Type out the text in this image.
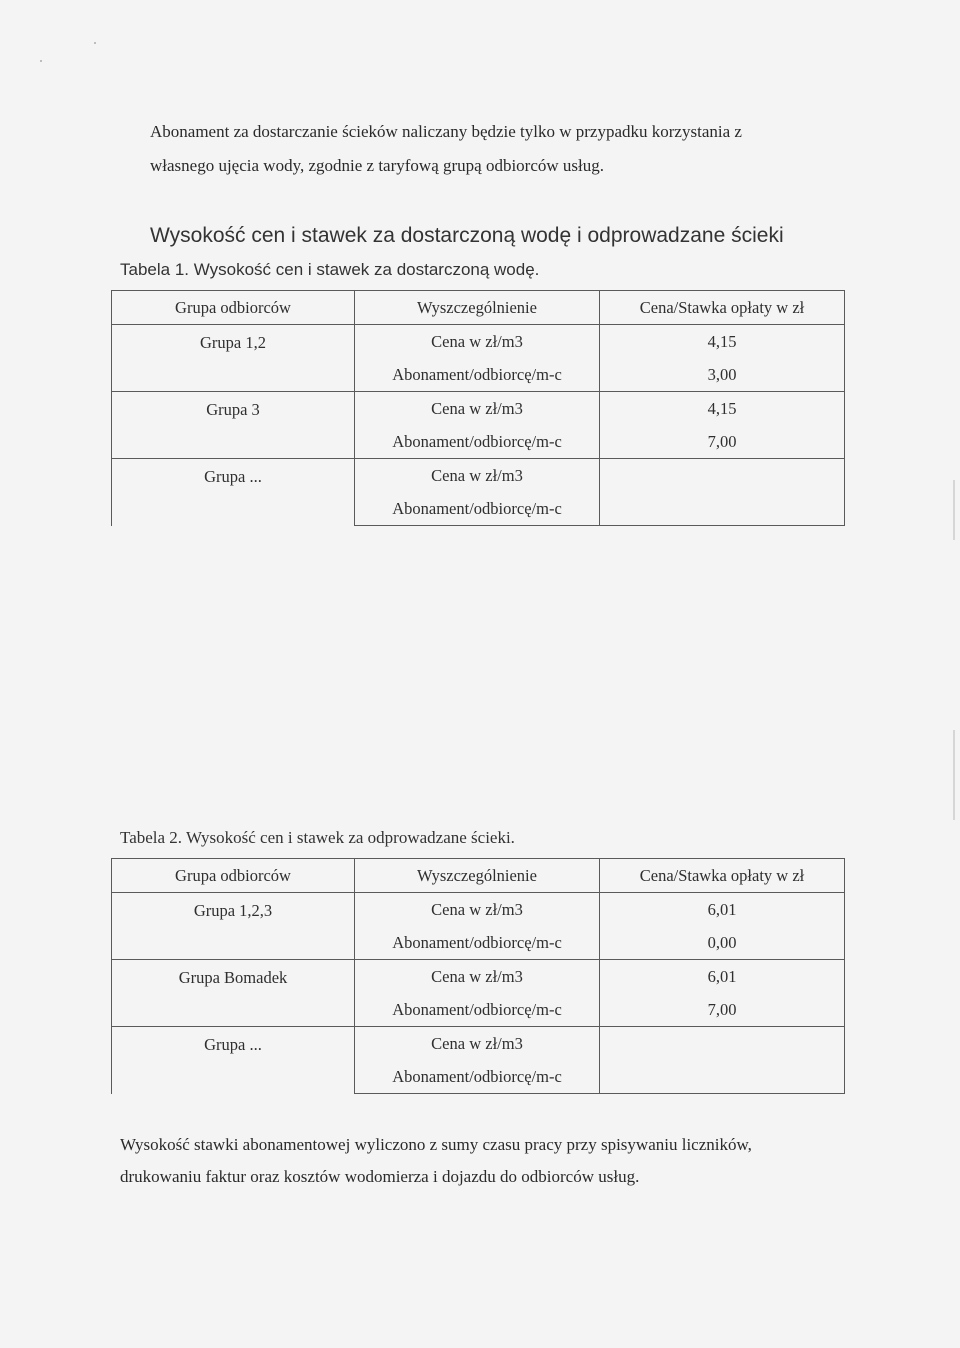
Abonament za dostarczanie ścieków naliczany będzie tylko w przypadku korzystania z
własnego ujęcia wody, zgodnie z taryfową grupą odbiorców usług.
Wysokość cen i stawek za dostarczoną wodę i odprowadzane ścieki
Tabela 1. Wysokość cen i stawek za dostarczoną wodę.
Grupa odbiorców	Wyszczególnienie	Cena/Stawka opłaty w zł
Grupa 1,2	Cena w zł/m3	4,15
	Abonament/odbiorcę/m-c	3,00
Grupa 3	Cena w zł/m3	4,15
	Abonament/odbiorcę/m-c	7,00
Grupa ...	Cena w zł/m3	
	Abonament/odbiorcę/m-c	
Tabela 2. Wysokość cen i stawek za odprowadzane ścieki.
Grupa odbiorców	Wyszczególnienie	Cena/Stawka opłaty w zł
Grupa 1,2,3	Cena w zł/m3	6,01
	Abonament/odbiorcę/m-c	0,00
Grupa Bomadek	Cena w zł/m3	6,01
	Abonament/odbiorcę/m-c	7,00
Grupa ...	Cena w zł/m3	
	Abonament/odbiorcę/m-c	
Wysokość stawki abonamentowej wyliczono z sumy czasu pracy przy spisywaniu liczników,
drukowaniu faktur oraz kosztów wodomierza i dojazdu do odbiorców usług.
